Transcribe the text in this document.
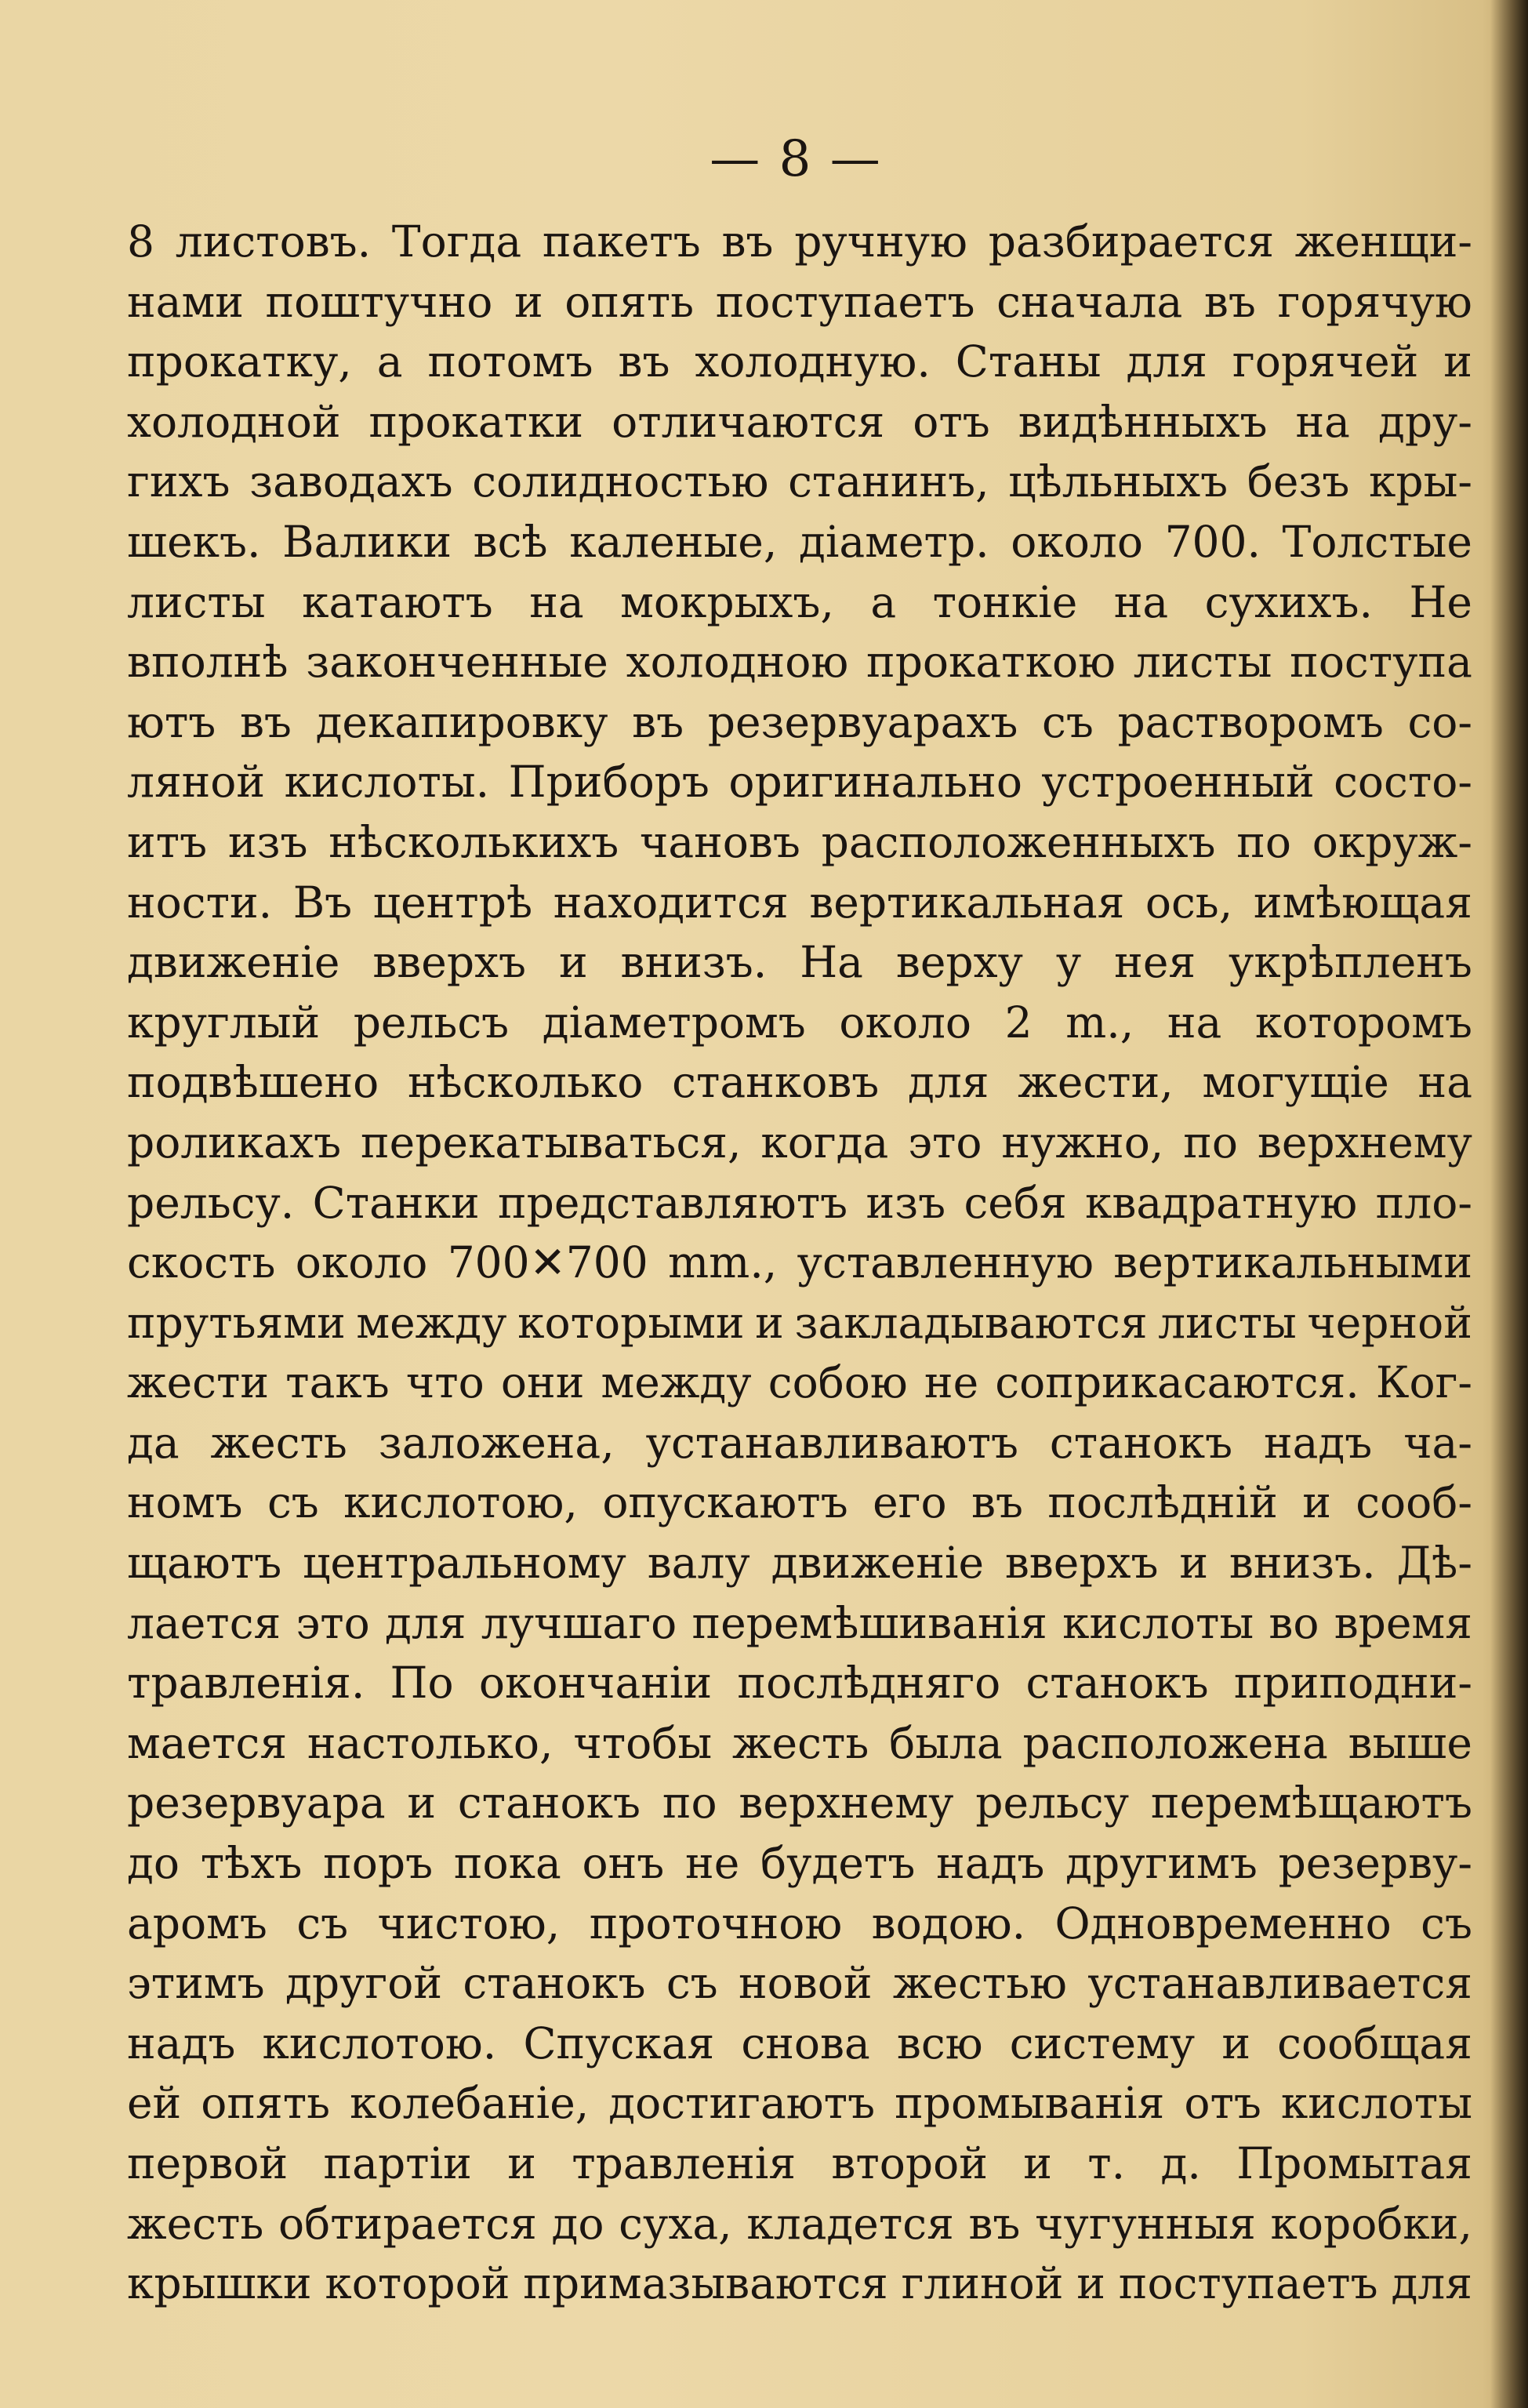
— 8 —
8 листовъ. Тогда пакетъ въ ручную разбирается женщи-
нами поштучно и опять поступаетъ сначала въ горячую
прокатку, а потомъ въ холодную. Станы для горячей и
холодной прокатки отличаются отъ видѣнныхъ на дру-
гихъ заводахъ солидностью станинъ, цѣльныхъ безъ кры-
шекъ. Валики всѣ каленые, діаметр. около 700. Толстые
листы катаютъ на мокрыхъ, а тонкіе на сухихъ. Не
вполнѣ законченные холодною прокаткою листы поступа
ютъ въ декапировку въ резервуарахъ съ растворомъ со-
ляной кислоты. Приборъ оригинально устроенный состо-
итъ изъ нѣсколькихъ чановъ расположенныхъ по окруж-
ности. Въ центрѣ находится вертикальная ось, имѣющая
движеніе вверхъ и внизъ. На верху у нея укрѣпленъ
круглый рельсъ діаметромъ около 2 m., на которомъ
подвѣшено нѣсколько станковъ для жести, могущіе на
роликахъ перекатываться, когда это нужно, по верхнему
рельсу. Станки представляютъ изъ себя квадратную пло-
скость около 700✕700 mm., уставленную вертикальными
прутьями между которыми и закладываются листы черной
жести такъ что они между собою не соприкасаются. Ког-
да жесть заложена, устанавливаютъ станокъ надъ ча-
номъ съ кислотою, опускаютъ его въ послѣдній и сооб-
щаютъ центральному валу движеніе вверхъ и внизъ. Дѣ-
лается это для лучшаго перемѣшиванія кислоты во время
травленія. По окончаніи послѣдняго станокъ приподни-
мается настолько, чтобы жесть была расположена выше
резервуара и станокъ по верхнему рельсу перемѣщаютъ
до тѣхъ поръ пока онъ не будетъ надъ другимъ резерву-
аромъ съ чистою, проточною водою. Одновременно съ
этимъ другой станокъ съ новой жестью устанавливается
надъ кислотою. Спуская снова всю систему и сообщая
ей опять колебаніе, достигаютъ промыванія отъ кислоты
первой партіи и травленія второй и т. д. Промытая
жесть обтирается до суха, кладется въ чугунныя коробки,
крышки которой примазываются глиной и поступаетъ для
